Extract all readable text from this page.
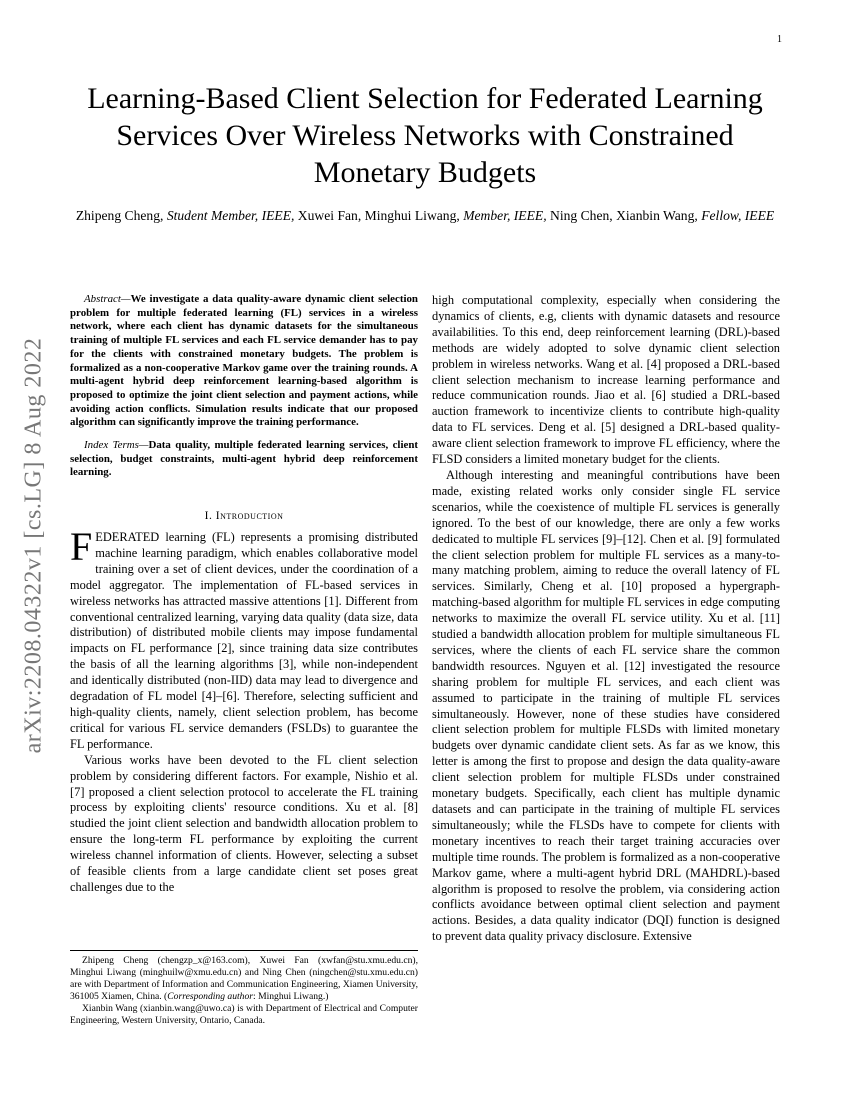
1
arXiv:2208.04322v1 [cs.LG] 8 Aug 2022
Learning-Based Client Selection for Federated Learning Services Over Wireless Networks with Constrained Monetary Budgets
Zhipeng Cheng, Student Member, IEEE, Xuwei Fan, Minghui Liwang, Member, IEEE, Ning Chen, Xianbin Wang, Fellow, IEEE

Abstract—We investigate a data quality-aware dynamic client selection problem for multiple federated learning (FL) services in a wireless network, where each client has dynamic datasets for the simultaneous training of multiple FL services and each FL service demander has to pay for the clients with constrained monetary budgets. The problem is formalized as a non-cooperative Markov game over the training rounds. A multi-agent hybrid deep reinforcement learning-based algorithm is proposed to optimize the joint client selection and payment actions, while avoiding action conflicts. Simulation results indicate that our proposed algorithm can significantly improve the training performance.

Index Terms—Data quality, multiple federated learning services, client selection, budget constraints, multi-agent hybrid deep reinforcement learning.

I. Introduction

FEDERATED learning (FL) represents a promising distributed machine learning paradigm, which enables collaborative model training over a set of client devices, under the coordination of a model aggregator. The implementation of FL-based services in wireless networks has attracted massive attentions [1]. Different from conventional centralized learning, varying data quality (data size, data distribution) of distributed mobile clients may impose fundamental impacts on FL performance [2], since training data size contributes the basis of all the learning algorithms [3], while non-independent and identically distributed (non-IID) data may lead to divergence and degradation of FL model [4]–[6]. Therefore, selecting sufficient and high-quality clients, namely, client selection problem, has become critical for various FL service demanders (FSLDs) to guarantee the FL performance.

Various works have been devoted to the FL client selection problem by considering different factors. For example, Nishio et al. [7] proposed a client selection protocol to accelerate the FL training process by exploiting clients' resource conditions. Xu et al. [8] studied the joint client selection and bandwidth allocation problem to ensure the long-term FL performance by exploiting the current wireless channel information of clients. However, selecting a subset of feasible clients from a large candidate client set poses great challenges due to the

Zhipeng Cheng (chengzp_x@163.com), Xuwei Fan (xwfan@stu.xmu.edu.cn), Minghui Liwang (minghuilw@xmu.edu.cn) and Ning Chen (ningchen@stu.xmu.edu.cn) are with Department of Information and Communication Engineering, Xiamen University, 361005 Xiamen, China. (Corresponding author: Minghui Liwang.)

Xianbin Wang (xianbin.wang@uwo.ca) is with Department of Electrical and Computer Engineering, Western University, Ontario, Canada.

high computational complexity, especially when considering the dynamics of clients, e.g, clients with dynamic datasets and resource availabilities. To this end, deep reinforcement learning (DRL)-based methods are widely adopted to solve dynamic client selection problem in wireless networks. Wang et al. [4] proposed a DRL-based client selection mechanism to increase learning performance and reduce communication rounds. Jiao et al. [6] studied a DRL-based auction framework to incentivize clients to contribute high-quality data to FL services. Deng et al. [5] designed a DRL-based quality-aware client selection framework to improve FL efficiency, where the FLSD considers a limited monetary budget for the clients.

Although interesting and meaningful contributions have been made, existing related works only consider single FL service scenarios, while the coexistence of multiple FL services is generally ignored. To the best of our knowledge, there are only a few works dedicated to multiple FL services [9]–[12]. Chen et al. [9] formulated the client selection problem for multiple FL services as a many-to-many matching problem, aiming to reduce the overall latency of FL services. Similarly, Cheng et al. [10] proposed a hypergraph-matching-based algorithm for multiple FL services in edge computing networks to maximize the overall FL service utility. Xu et al. [11] studied a bandwidth allocation problem for multiple simultaneous FL services, where the clients of each FL service share the common bandwidth resources. Nguyen et al. [12] investigated the resource sharing problem for multiple FL services, and each client was assumed to participate in the training of multiple FL services simultaneously. However, none of these studies have considered client selection problem for multiple FLSDs with limited monetary budgets over dynamic candidate client sets. As far as we know, this letter is among the first to propose and design the data quality-aware client selection problem for multiple FLSDs under constrained monetary budgets. Specifically, each client has multiple dynamic datasets and can participate in the training of multiple FL services simultaneously; while the FLSDs have to compete for clients with monetary incentives to reach their target training accuracies over multiple time rounds. The problem is formalized as a non-cooperative Markov game, where a multi-agent hybrid DRL (MAHDRL)-based algorithm is proposed to resolve the problem, via considering action conflicts avoidance between optimal client selection and payment actions. Besides, a data quality indicator (DQI) function is designed to prevent data quality privacy disclosure. Extensive
